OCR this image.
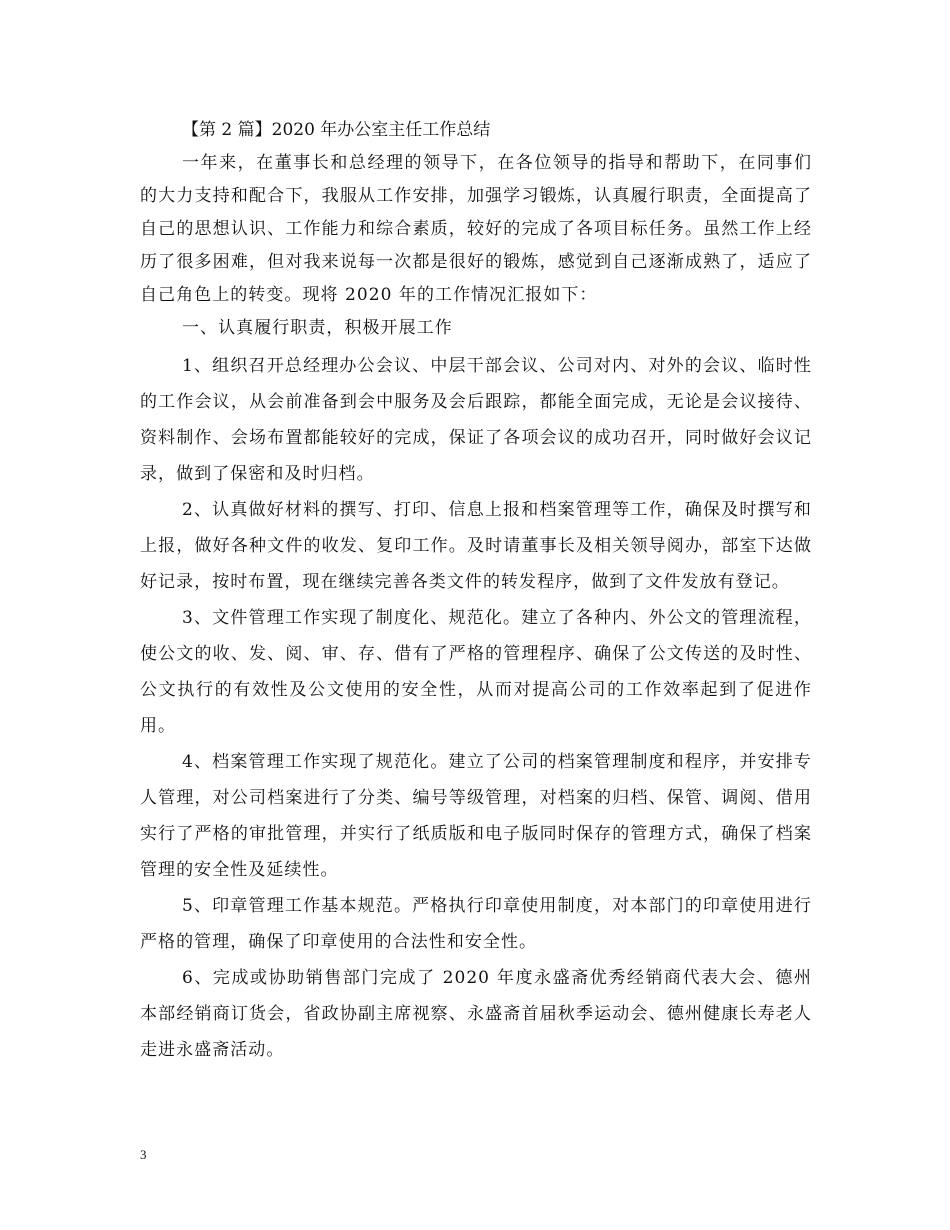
【第 2 篇】2020 年办公室主任工作总结

一年来，在董事长和总经理的领导下，在各位领导的指导和帮助下，在同事们的大力支持和配合下，我服从工作安排，加强学习锻炼，认真履行职责，全面提高了自己的思想认识、工作能力和综合素质，较好的完成了各项目标任务。虽然工作上经历了很多困难，但对我来说每一次都是很好的锻炼，感觉到自己逐渐成熟了，适应了自己角色上的转变。现将 2020 年的工作情况汇报如下：

一、认真履行职责，积极开展工作

1、组织召开总经理办公会议、中层干部会议、公司对内、对外的会议、临时性的工作会议，从会前准备到会中服务及会后跟踪，都能全面完成，无论是会议接待、资料制作、会场布置都能较好的完成，保证了各项会议的成功召开，同时做好会议记录，做到了保密和及时归档。

2、认真做好材料的撰写、打印、信息上报和档案管理等工作，确保及时撰写和上报，做好各种文件的收发、复印工作。及时请董事长及相关领导阅办，部室下达做好记录，按时布置，现在继续完善各类文件的转发程序，做到了文件发放有登记。

3、文件管理工作实现了制度化、规范化。建立了各种内、外公文的管理流程，使公文的收、发、阅、审、存、借有了严格的管理程序、确保了公文传送的及时性、公文执行的有效性及公文使用的安全性，从而对提高公司的工作效率起到了促进作用。

4、档案管理工作实现了规范化。建立了公司的档案管理制度和程序，并安排专人管理，对公司档案进行了分类、编号等级管理，对档案的归档、保管、调阅、借用实行了严格的审批管理，并实行了纸质版和电子版同时保存的管理方式，确保了档案管理的安全性及延续性。

5、印章管理工作基本规范。严格执行印章使用制度，对本部门的印章使用进行严格的管理，确保了印章使用的合法性和安全性。

6、完成或协助销售部门完成了 2020 年度永盛斋优秀经销商代表大会、德州本部经销商订货会，省政协副主席视察、永盛斋首届秋季运动会、德州健康长寿老人走进永盛斋活动。

3
